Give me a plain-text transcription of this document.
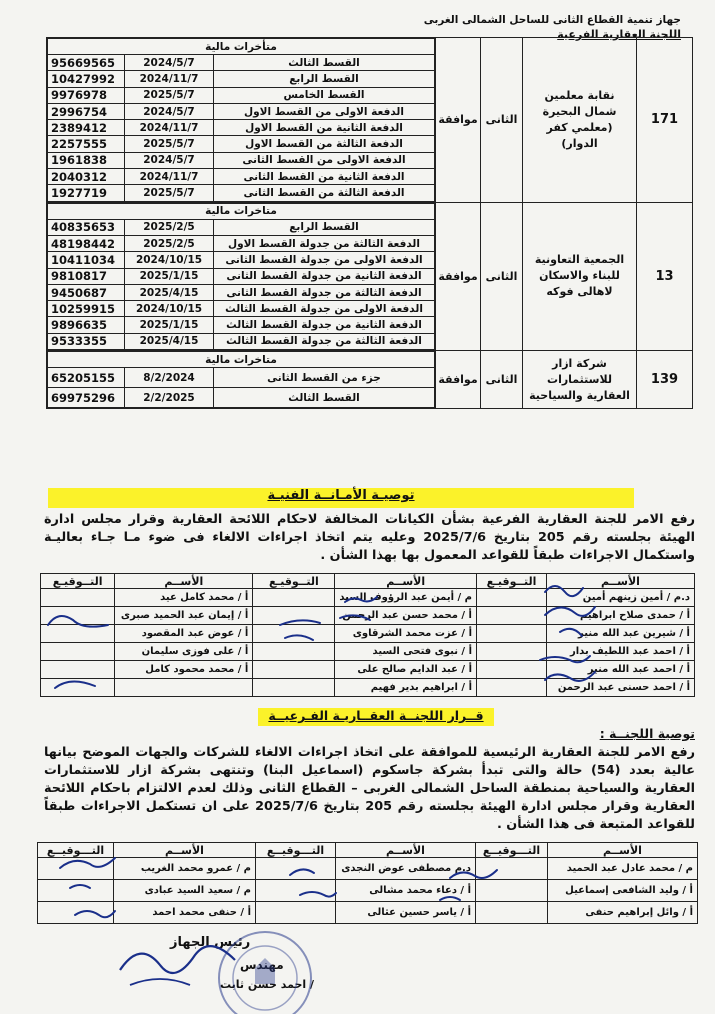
جهاز تنمية القطاع الثانى للساحل الشمالى الغربى
اللجنة العقارية الفرعية
171	نقابة معلمين شمال البحيرة (معلمي كفر الدوار)	الثانى	موافقة	
متأخرات مالية
القسط الثالث	2024/5/7	95669565
القسط الرابع	2024/11/7	10427992
القسط الخامس	2025/5/7	9976978
الدفعة الاولى من القسط الاول	2024/5/7	2996754
الدفعة الثانية من القسط الاول	2024/11/7	2389412
الدفعة الثالثة من القسط الاول	2025/5/7	2257555
الدفعة الاولى من القسط الثانى	2024/5/7	1961838
الدفعة الثانية من القسط الثانى	2024/11/7	2040312
الدفعة الثالثة من القسط الثانى	2025/5/7	1927719

13	الجمعية التعاونية للبناء والاسكان لاهالى فوكه	الثانى	موافقة	
متاخرات مالية
القسط الرابع	2025/2/5	40835653
الدفعة الثالثة من جدولة القسط الاول	2025/2/5	48198442
الدفعة الاولى من جدولة القسط الثانى	2024/10/15	10411034
الدفعة الثانية من جدولة القسط الثانى	2025/1/15	9810817
الدفعة الثالثة من جدولة القسط الثانى	2025/4/15	9450687
الدفعة الاولى من جدولة القسط الثالث	2024/10/15	10259915
الدفعة الثانية من جدولة القسط الثالث	2025/1/15	9896635
الدفعة الثالثة من جدولة القسط الثالث	2025/4/15	9533355

139	شركة ازار للاستثمارات العقارية والسياحية	الثانى	موافقة	
متاخرات مالية
جزء من القسط الثانى	8/2/2024	65205155
القسط الثالث	2/2/2025	69975296
توصيـة الأمـانــة الفنيـة
رفع الامر للجنة العقارية الفرعية بشأن الكيانات المخالفة لاحكام اللائحة العقارية وقرار مجلس ادارة الهيئة بجلسته رقم 205 بتاريخ 2025/7/6 وعليه يتم اتخاذ اجراءات الالغاء فى ضوء مـا جـاء بعاليـة واستكمال الاجراءات طبقاً للقواعد المعمول بها بهذا الشأن .
الأســم	التــوقيـع	الأســم	التــوقيـع	الأســم	التــوقيـع
د.م / أمين زينهم أمين		م / أيمن عبد الرؤوف السيد		أ / محمد كامل عيد	
أ / حمدى صلاح ابراهيم		أ / محمد حسن عبد الرحمن		أ / إيمان عبد الحميد صبرى	
أ / شيرين عبد الله منير		أ / عزت محمد الشرقاوى		أ / عوض عبد المقصود	
أ / احمد عبد اللطيف بدار		أ / نبوى فتحى السيد		أ / على فوزى سليمان	
أ / احمد عبد الله منير		أ / عبد الدايم صالح على		أ / محمد محمود كامل	
أ / احمد حسنى عبد الرحمن		أ / ابراهيم بدير فهيم			
قــرار اللجنــة العقــاريـة الفـرعيــة
توصية اللجنــة :
رفع الامر للجنة العقارية الرئيسية للموافقة على اتخاذ اجراءات الالغاء للشركات والجهات الموضح بيانها عالية بعدد (54) حالة والتى تبدأ بشركة جاسكوم (اسماعيل البنا) وتنتهى بشركة ازار للاستثمارات العقارية والسياحية بمنطقة الساحل الشمالى الغربى – القطاع الثانى وذلك لعدم الالتزام باحكام اللائحة العقارية وقرار مجلس ادارة الهيئة بجلسته رقم 205 بتاريخ 2025/7/6 على ان تستكمل الاجراءات طبقاً للقواعد المتبعة فى هذا الشأن .
الأســم	التـــوقيــع	الأســم	التـــوقيــع	الأســم	التـــوقيــع
م / محمد عادل عبد الحميد		د.م مصطفى عوض النجدى		م / عمرو محمد الغريب	
أ / وليد الشافعى إسماعيل		أ / دعاء محمد مشالى		م / سعيد السيد عبادى	
أ / وائل إبراهيم حنفى		أ / ياسر حسين عثالى		أ / حنفى محمد احمد	
رئيس الجهاز
مهندس
/ احمد حسن ثابت
